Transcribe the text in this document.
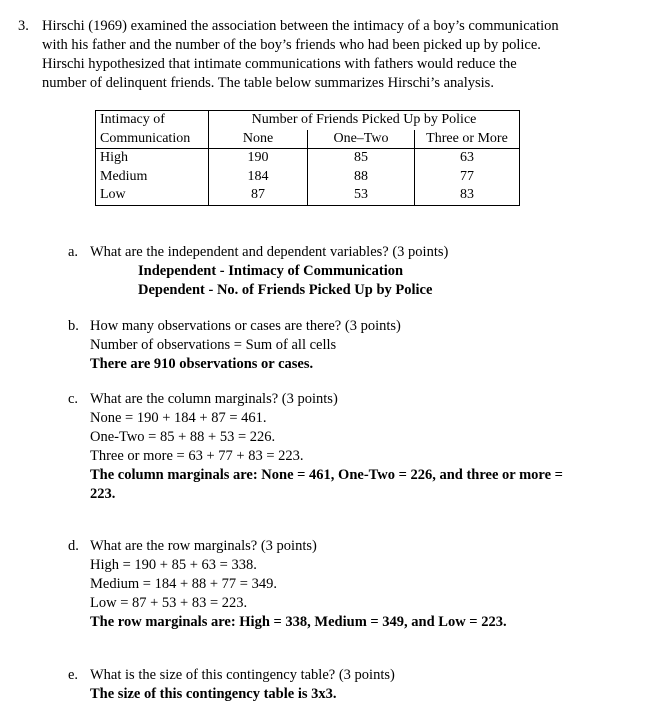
3. Hirschi (1969) examined the association between the intimacy of a boy’s communication
with his father and the number of the boy’s friends who had been picked up by police.
Hirschi hypothesized that intimate communications with fathers would reduce the
number of delinquent friends. The table below summarizes Hirschi’s analysis.
Intimacy of	Number of Friends Picked Up by Police		
Communication	None	One–Two	Three or More
High	190	85	63
Medium	184	88	77
Low	87	53	83
a. What are the independent and dependent variables? (3 points)
Independent - Intimacy of Communication
Dependent - No. of Friends Picked Up by Police
b. How many observations or cases are there? (3 points)
Number of observations = Sum of all cells
There are 910 observations or cases.
c. What are the column marginals? (3 points)
None = 190 + 184 + 87 = 461.
One-Two = 85 + 88 + 53 = 226.
Three or more = 63 + 77 + 83 = 223.
The column marginals are: None = 461, One-Two = 226, and three or more =
223.
d. What are the row marginals? (3 points)
High = 190 + 85 + 63 = 338.
Medium = 184 + 88 + 77 = 349.
Low = 87 + 53 + 83 = 223.
The row marginals are: High = 338, Medium = 349, and Low = 223.
e. What is the size of this contingency table? (3 points)
The size of this contingency table is 3x3.
